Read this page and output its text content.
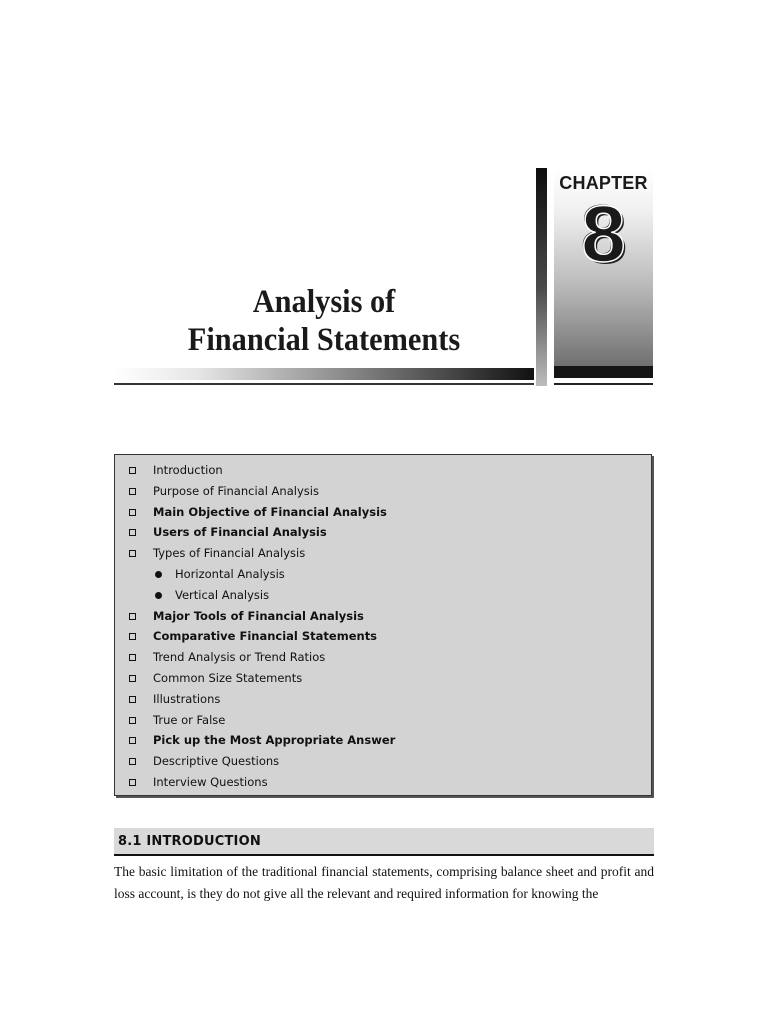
CHAPTER
8
Analysis of
Financial Statements
Introduction
Purpose of Financial Analysis
Main Objective of Financial Analysis
Users of Financial Analysis
Types of Financial Analysis
Horizontal Analysis
Vertical Analysis
Major Tools of Financial Analysis
Comparative Financial Statements
Trend Analysis or Trend Ratios
Common Size Statements
Illustrations
True or False
Pick up the Most Appropriate Answer
Descriptive Questions
Interview Questions
8.1 INTRODUCTION

The basic limitation of the traditional financial statements, comprising balance sheet and profit and loss account, is they do not give all the relevant and required information for knowing the
